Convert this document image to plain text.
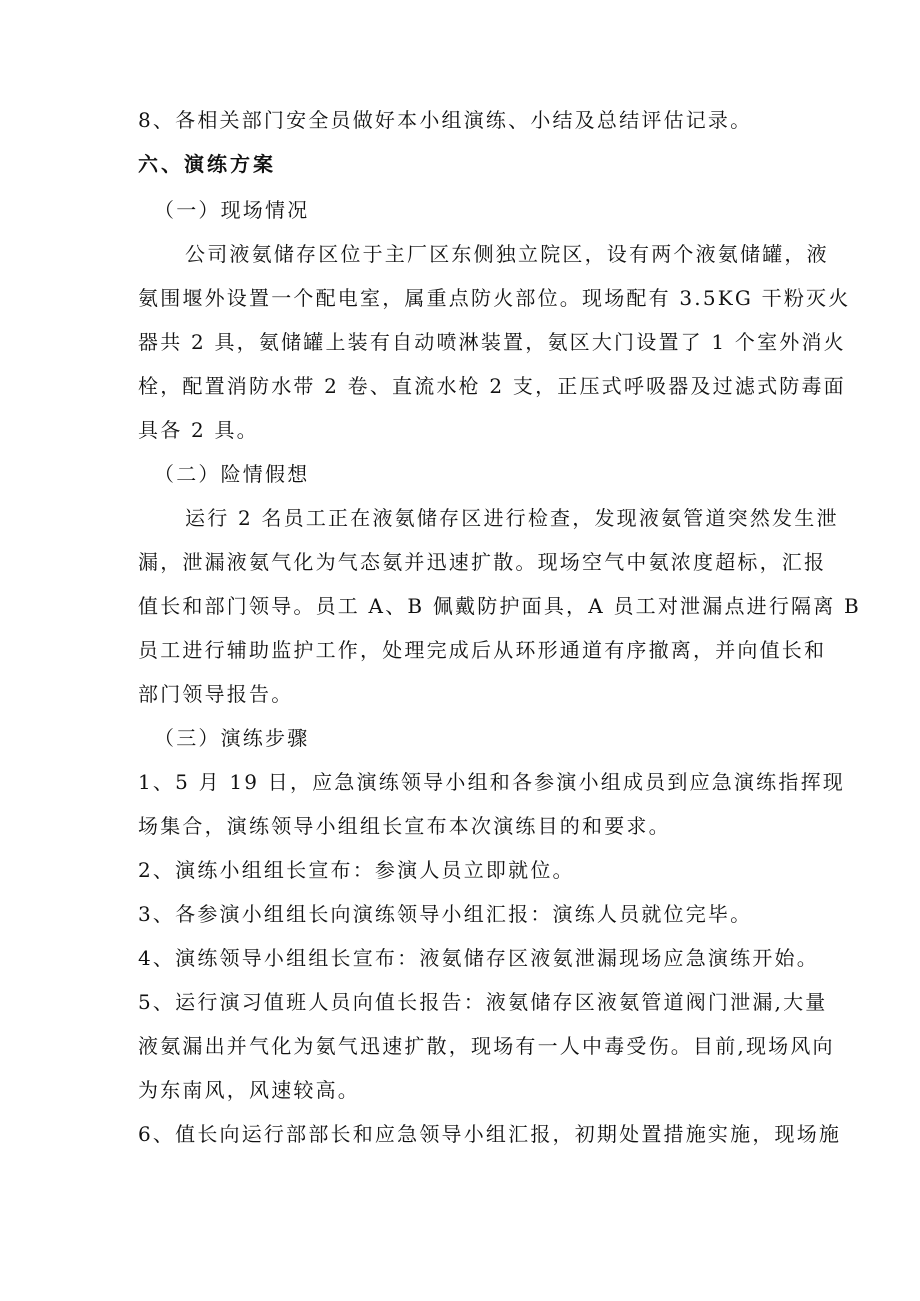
8、各相关部门安全员做好本小组演练、小结及总结评估记录。
六、演练方案
（一）现场情况
公司液氨储存区位于主厂区东侧独立院区，设有两个液氨储罐，液
氨围堰外设置一个配电室，属重点防火部位。现场配有 3.5KG 干粉灭火
器共 2 具，氨储罐上装有自动喷淋装置，氨区大门设置了 1 个室外消火
栓，配置消防水带 2 卷、直流水枪 2 支，正压式呼吸器及过滤式防毒面
具各 2 具。
（二）险情假想
运行 2 名员工正在液氨储存区进行检查，发现液氨管道突然发生泄
漏，泄漏液氨气化为气态氨并迅速扩散。现场空气中氨浓度超标，汇报
值长和部门领导。员工 A、B 佩戴防护面具，A 员工对泄漏点进行隔离 B
员工进行辅助监护工作，处理完成后从环形通道有序撤离，并向值长和
部门领导报告。
（三）演练步骤
1、5 月 19 日，应急演练领导小组和各参演小组成员到应急演练指挥现
场集合，演练领导小组组长宣布本次演练目的和要求。
2、演练小组组长宣布：参演人员立即就位。
3、各参演小组组长向演练领导小组汇报：演练人员就位完毕。
4、演练领导小组组长宣布：液氨储存区液氨泄漏现场应急演练开始。
5、运行演习值班人员向值长报告：液氨储存区液氨管道阀门泄漏,大量
液氨漏出并气化为氨气迅速扩散，现场有一人中毒受伤。目前,现场风向
为东南风，风速较高。
6、值长向运行部部长和应急领导小组汇报，初期处置措施实施，现场施
